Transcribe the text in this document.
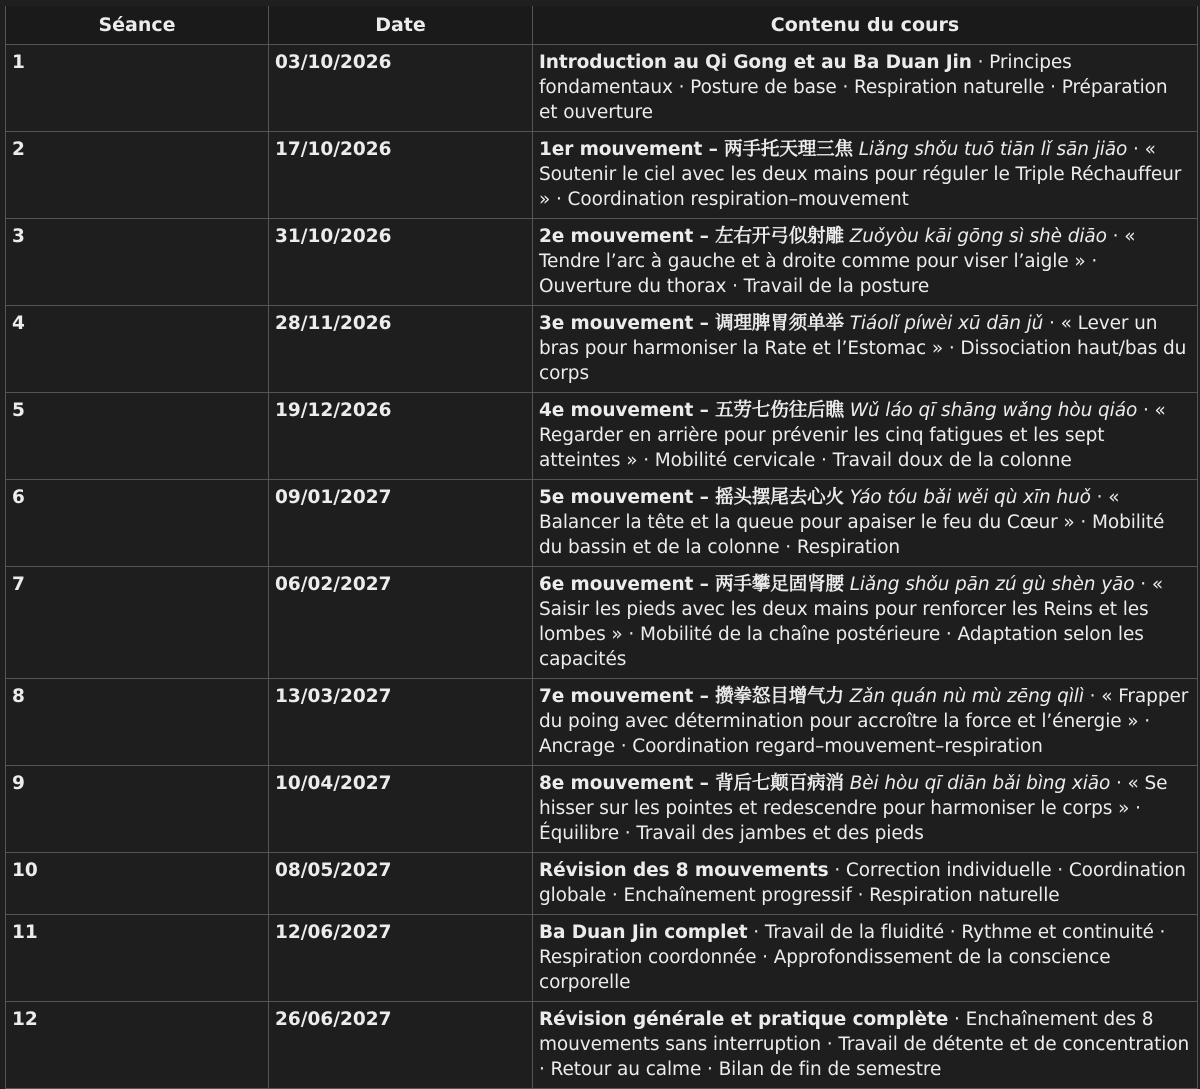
Séance	Date	Contenu du cours
1	03/10/2026	Introduction au Qi Gong et au Ba Duan Jin · Principes fondamentaux · Posture de base · Respiration naturelle · Préparation et ouverture
2	17/10/2026	1er mouvement – 两手托天理三焦 Liǎng shǒu tuō tiān lǐ sān jiāo · « Soutenir le ciel avec les deux mains pour réguler le Triple Réchauffeur » · Coordination respiration–mouvement
3	31/10/2026	2e mouvement – 左右开弓似射雕 Zuǒyòu kāi gōng sì shè diāo · « Tendre l’arc à gauche et à droite comme pour viser l’aigle » · Ouverture du thorax · Travail de la posture
4	28/11/2026	3e mouvement – 调理脾胃须单举 Tiáolǐ píwèi xū dān jǔ · « Lever un bras pour harmoniser la Rate et l’Estomac » · Dissociation haut/bas du corps
5	19/12/2026	4e mouvement – 五劳七伤往后瞧 Wǔ láo qī shāng wǎng hòu qiáo · « Regarder en arrière pour prévenir les cinq fatigues et les sept atteintes » · Mobilité cervicale · Travail doux de la colonne
6	09/01/2027	5e mouvement – 摇头摆尾去心火 Yáo tóu bǎi wěi qù xīn huǒ · « Balancer la tête et la queue pour apaiser le feu du Cœur » · Mobilité du bassin et de la colonne · Respiration
7	06/02/2027	6e mouvement – 两手攀足固肾腰 Liǎng shǒu pān zú gù shèn yāo · « Saisir les pieds avec les deux mains pour renforcer les Reins et les lombes » · Mobilité de la chaîne postérieure · Adaptation selon les capacités
8	13/03/2027	7e mouvement – 攒拳怒目增气力 Zǎn quán nù mù zēng qìlì · « Frapper du poing avec détermination pour accroître la force et l’énergie » · Ancrage · Coordination regard–mouvement–respiration
9	10/04/2027	8e mouvement – 背后七颠百病消 Bèi hòu qī diān bǎi bìng xiāo · « Se hisser sur les pointes et redescendre pour harmoniser le corps » · Équilibre · Travail des jambes et des pieds
10	08/05/2027	Révision des 8 mouvements · Correction individuelle · Coordination globale · Enchaînement progressif · Respiration naturelle
11	12/06/2027	Ba Duan Jin complet · Travail de la fluidité · Rythme et continuité · Respiration coordonnée · Approfondissement de la conscience corporelle
12	26/06/2027	Révision générale et pratique complète · Enchaînement des 8 mouvements sans interruption · Travail de détente et de concentration · Retour au calme · Bilan de fin de semestre
